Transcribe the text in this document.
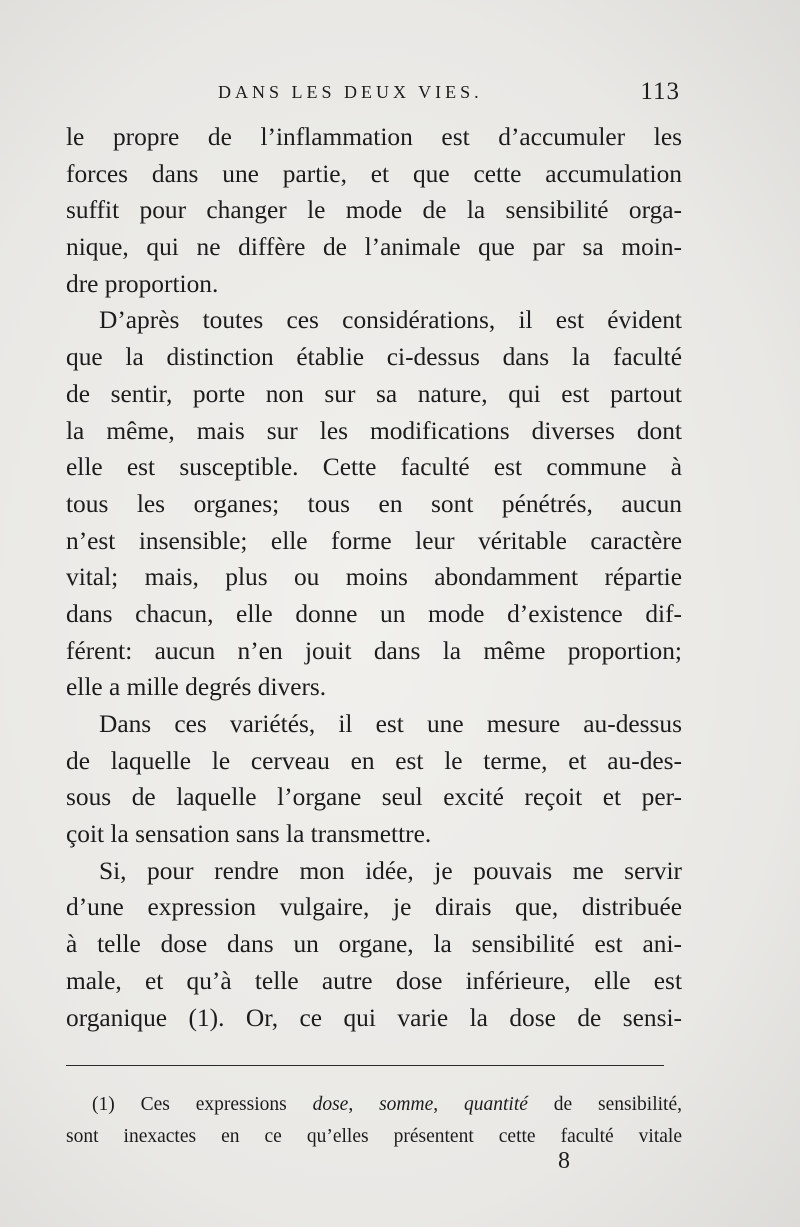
DANS LES DEUX VIES.	113
le propre de l’inflammation est d’accumuler les
forces dans une partie, et que cette accumulation
suffit pour changer le mode de la sensibilité orga-
nique, qui ne diffère de l’animale que par sa moin-
dre proportion.
D’après toutes ces considérations, il est évident
que la distinction établie ci-dessus dans la faculté
de sentir, porte non sur sa nature, qui est partout
la même, mais sur les modifications diverses dont
elle est susceptible. Cette faculté est commune à
tous les organes; tous en sont pénétrés, aucun
n’est insensible; elle forme leur véritable caractère
vital; mais, plus ou moins abondamment répartie
dans chacun, elle donne un mode d’existence dif-
férent: aucun n’en jouit dans la même proportion;
elle a mille degrés divers.
Dans ces variétés, il est une mesure au-dessus
de laquelle le cerveau en est le terme, et au-des-
sous de laquelle l’organe seul excité reçoit et per-
çoit la sensation sans la transmettre.
Si, pour rendre mon idée, je pouvais me servir
d’une expression vulgaire, je dirais que, distribuée
à telle dose dans un organe, la sensibilité est ani-
male, et qu’à telle autre dose inférieure, elle est
organique (1). Or, ce qui varie la dose de sensi-
(1) Ces expressions dose, somme, quantité de sensibilité,
sont inexactes en ce qu’elles présentent cette faculté vitale
8
